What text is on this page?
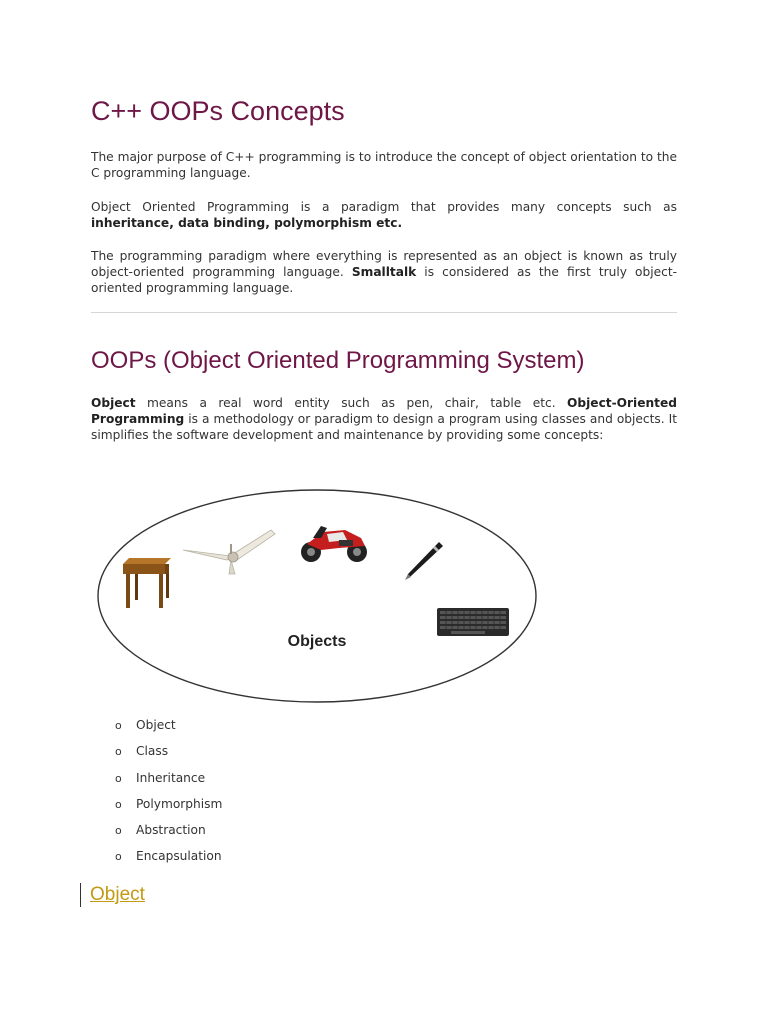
C++ OOPs Concepts

The major purpose of C++ programming is to introduce the concept of object orientation to the C programming language.

Object Oriented Programming is a paradigm that provides many concepts such as inheritance, data binding, polymorphism etc.

The programming paradigm where everything is represented as an object is known as truly object-oriented programming language. Smalltalk is considered as the first truly object-oriented programming language.

OOPs (Object Oriented Programming System)

Object means a real word entity such as pen, chair, table etc. Object-Oriented Programming is a methodology or paradigm to design a program using classes and objects. It simplifies the software development and maintenance by providing some concepts:

Objects
o Object
o Class
o Inheritance
o Polymorphism
o Abstraction
o Encapsulation
Object
